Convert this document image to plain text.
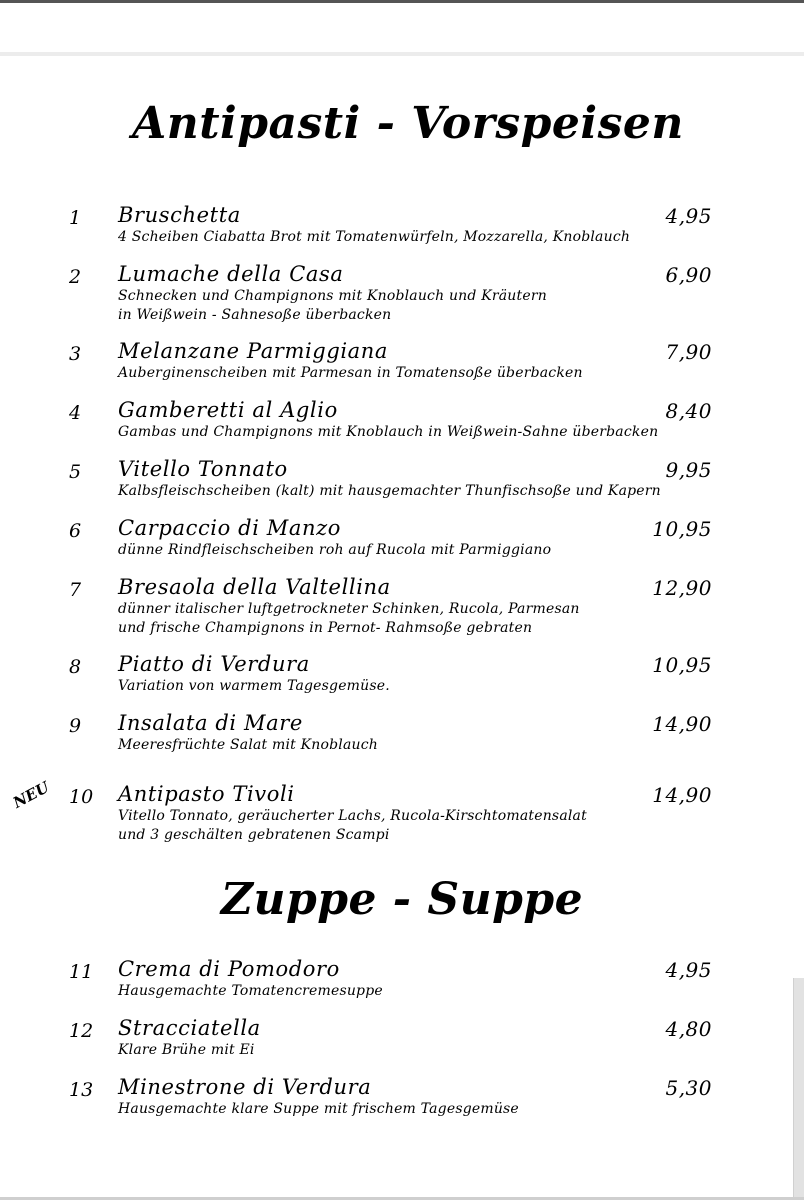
Antipasti - Vorspeisen
1 Bruschetta	4,95
4 Scheiben Ciabatta Brot mit Tomatenwürfeln, Mozzarella, Knoblauch
2 Lumache della Casa	6,90
Schnecken und Champignons mit Knoblauch und Kräutern
in Weißwein - Sahnesoße überbacken
3 Melanzane Parmiggiana	7,90
Auberginenscheiben mit Parmesan in Tomatensoße überbacken
4 Gamberetti al Aglio	8,40
Gambas und Champignons mit Knoblauch in Weißwein-Sahne überbacken
5 Vitello Tonnato	9,95
Kalbsfleischscheiben (kalt) mit hausgemachter Thunfischsoße und Kapern
6 Carpaccio di Manzo	10,95
dünne Rindfleischscheiben roh auf Rucola mit Parmiggiano
7 Bresaola della Valtellina	12,90
dünner italischer luftgetrockneter Schinken, Rucola, Parmesan
und frische Champignons in Pernot- Rahmsoße gebraten
8 Piatto di Verdura	10,95
Variation von warmem Tagesgemüse.
9 Insalata di Mare	14,90
Meeresfrüchte Salat mit Knoblauch
NEU 10 Antipasto Tivoli	14,90
Vitello Tonnato, geräucherter Lachs, Rucola-Kirschtomatensalat
und 3 geschälten gebratenen Scampi
Zuppe - Suppe
11 Crema di Pomodoro	4,95
Hausgemachte Tomatencremesuppe
12 Stracciatella	4,80
Klare Brühe mit Ei
13 Minestrone di Verdura	5,30
Hausgemachte klare Suppe mit frischem Tagesgemüse
